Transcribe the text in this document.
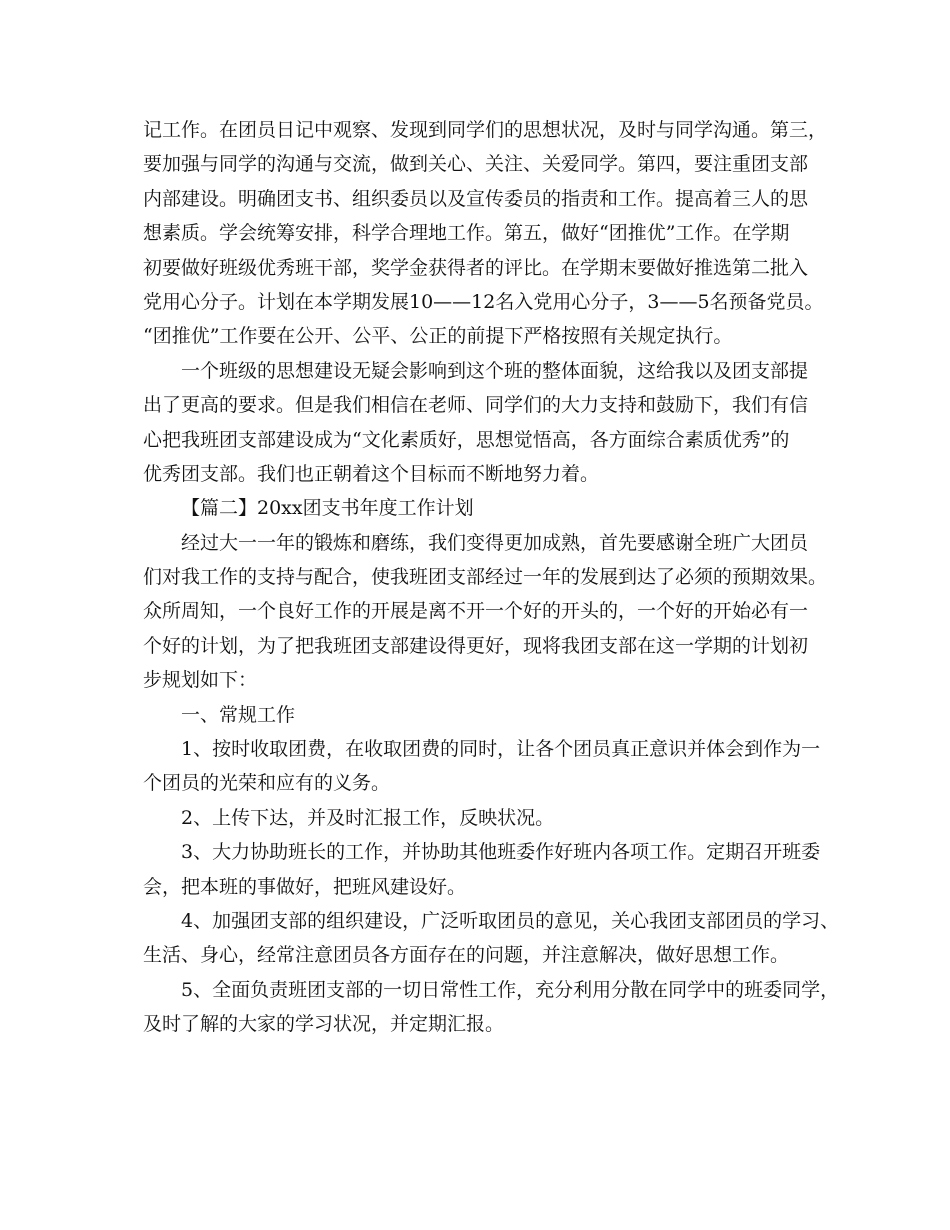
记工作。在团员日记中观察、发现到同学们的思想状况，及时与同学沟通。第三，
要加强与同学的沟通与交流，做到关心、关注、关爱同学。第四，要注重团支部
内部建设。明确团支书、组织委员以及宣传委员的指责和工作。提高着三人的思
想素质。学会统筹安排，科学合理地工作。第五，做好“团推优”工作。在学期
初要做好班级优秀班干部，奖学金获得者的评比。在学期末要做好推选第二批入
党用心分子。计划在本学期发展10——12名入党用心分子，3——5名预备党员。
“团推优”工作要在公开、公平、公正的前提下严格按照有关规定执行。
一个班级的思想建设无疑会影响到这个班的整体面貌，这给我以及团支部提
出了更高的要求。但是我们相信在老师、同学们的大力支持和鼓励下，我们有信
心把我班团支部建设成为“文化素质好，思想觉悟高，各方面综合素质优秀”的
优秀团支部。我们也正朝着这个目标而不断地努力着。
【篇二】20xx团支书年度工作计划
经过大一一年的锻炼和磨练，我们变得更加成熟，首先要感谢全班广大团员
们对我工作的支持与配合，使我班团支部经过一年的发展到达了必须的预期效果。
众所周知，一个良好工作的开展是离不开一个好的开头的，一个好的开始必有一
个好的计划，为了把我班团支部建设得更好，现将我团支部在这一学期的计划初
步规划如下：
一、常规工作
1、按时收取团费，在收取团费的同时，让各个团员真正意识并体会到作为一
个团员的光荣和应有的义务。
2、上传下达，并及时汇报工作，反映状况。
3、大力协助班长的工作，并协助其他班委作好班内各项工作。定期召开班委
会，把本班的事做好，把班风建设好。
4、加强团支部的组织建设，广泛听取团员的意见，关心我团支部团员的学习、
生活、身心，经常注意团员各方面存在的问题，并注意解决，做好思想工作。
5、全面负责班团支部的一切日常性工作，充分利用分散在同学中的班委同学，
及时了解的大家的学习状况，并定期汇报。
